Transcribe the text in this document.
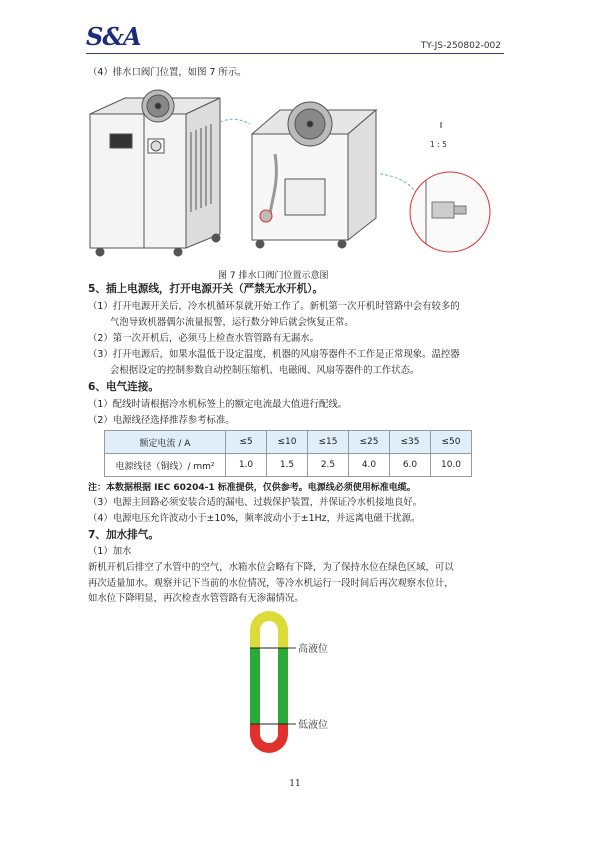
S&A	TY-JS-250802-002
（4）排水口阀门位置，如图 7 所示。
1 : 5
图 7 排水口阀门位置示意图
5、插上电源线，打开电源开关（严禁无水开机）。
（1）打开电源开关后，冷水机循环泵就开始工作了。新机第一次开机时管路中会有较多的
气泡导致机器偶尔流量报警，运行数分钟后就会恢复正常。
（2）第一次开机后，必须马上检查水管管路有无漏水。
（3）打开电源后，如果水温低于设定温度，机器的风扇等器件不工作是正常现象。温控器
会根据设定的控制参数自动控制压缩机、电磁阀、风扇等器件的工作状态。
6、电气连接。
（1）配线时请根据冷水机标签上的额定电流最大值进行配线。
（2）电源线径选择推荐参考标准。
额定电流 / A	≤5	≤10	≤15	≤25	≤35	≤50
电源线径（铜线）/ mm²	1.0	1.5	2.5	4.0	6.0	10.0
注：本数据根据 IEC 60204-1 标准提供，仅供参考。电源线必须使用标准电缆。
（3）电源主回路必须安装合适的漏电、过载保护装置，并保证冷水机接地良好。
（4）电源电压允许波动小于±10%，频率波动小于±1Hz，并远离电磁干扰源。
7、加水排气。
（1）加水
新机开机后排空了水管中的空气，水箱水位会略有下降，为了保持水位在绿色区域，可以
再次适量加水。观察并记下当前的水位情况，等冷水机运行一段时间后再次观察水位计，
如水位下降明显，再次检查水管管路有无渗漏情况。
高液位
低液位
11
